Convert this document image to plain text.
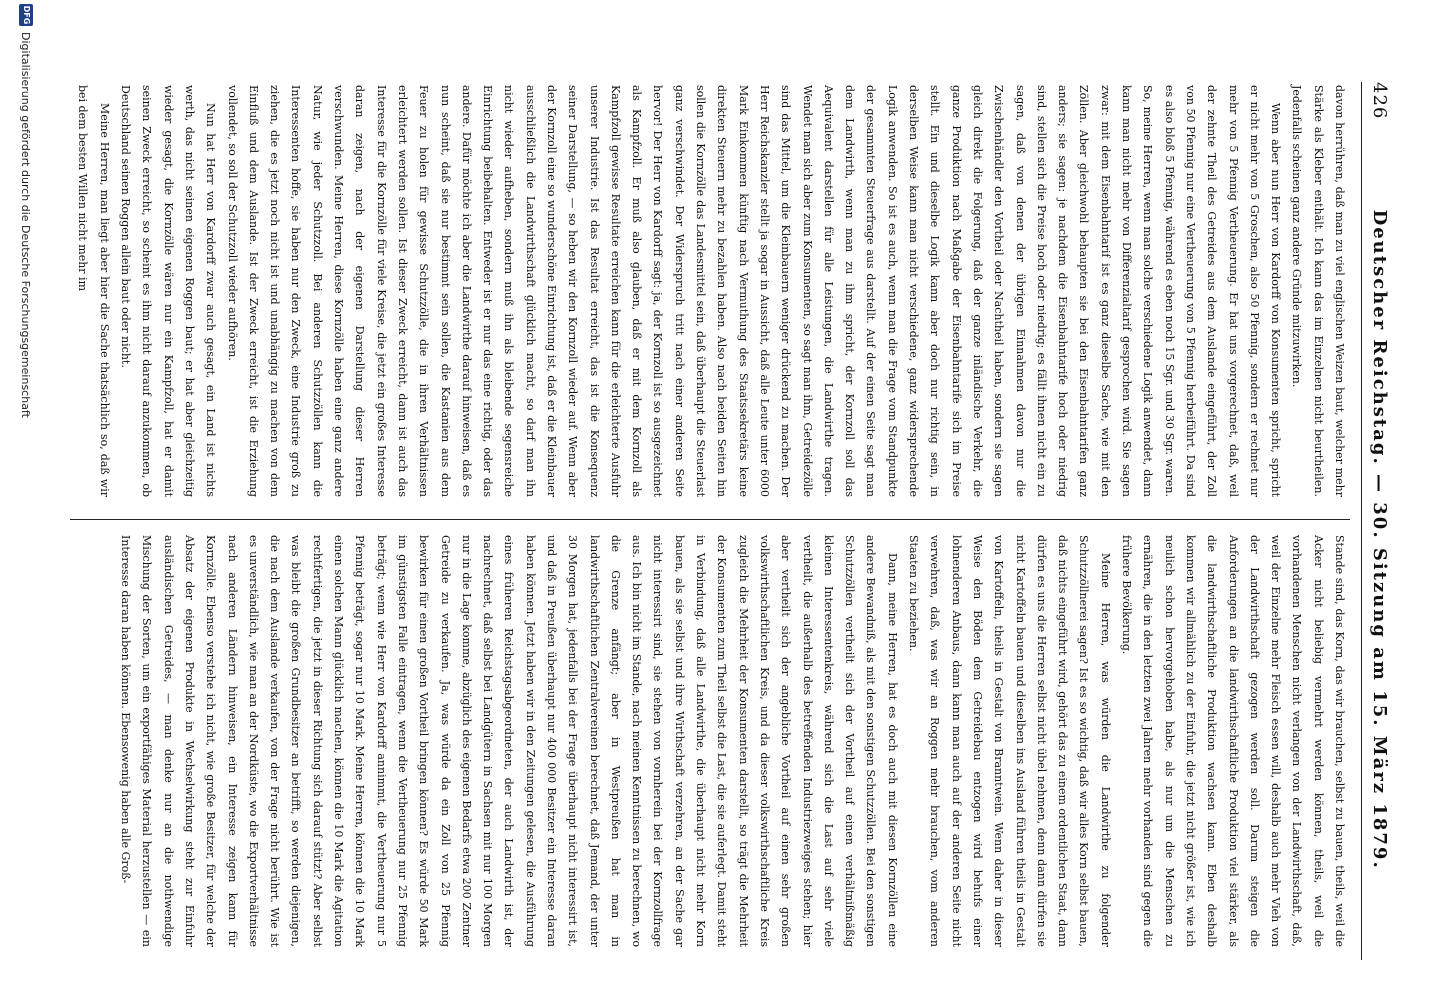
426
Deutscher Reichstag. — 30. Sitzung am 15. März 1879.

davon herrühren, daß man zu viel englischen Weizen baut, welcher mehr Stärke als Kleber enthält. Ich kann das im Einzelnen nicht beurtheilen. Jedenfalls scheinen ganz andere Gründe mitzuwirken.

Wenn aber nun Herr von Kardorff von Konsumenten spricht, spricht er nicht mehr von 5 Groschen, also 50 Pfennig, sondern er rechnet nur mehr von 5 Pfennig Vertheuerung. Er hat uns vorgerechnet, daß, weil der zehnte Theil des Getreides aus dem Auslande eingeführt, der Zoll von 50 Pfennig nur eine Vertheuerung von 5 Pfennig herbeiführt. Da sind es also bloß 5 Pfennig, während es eben noch 15 Sgr. und 30 Sgr. waren. So, meine Herren, wenn man solche verschiedene Logik anwendet, dann kann man nicht mehr von Differenzialtarif gesprochen wird. Sie sagen zwar: mit dem Eisenbahntarif ist es ganz dieselbe Sache, wie mit den Zöllen. Aber gleichwohl behaupten sie bei den Eisenbahntarifen ganz anders; sie sagen: je nachdem die Eisenbahntarife hoch oder niedrig sind, stellen sich die Preise hoch oder niedrig; es fällt ihnen nicht ein zu sagen, daß von denen der übrigen Einnahmen davon nur die Zwischenhändler den Vortheil oder Nachtheil haben, sondern sie sagen gleich direkt die Folgerung, daß der ganze inländische Verkehr, die ganze Produktion nach Maßgabe der Eisenbahntarife sich im Preise stellt. Ein und dieselbe Logik kann aber doch nur richtig sein, in derselben Weise kann man nicht verschiedene, ganz widersprechende Logik anwenden. So ist es auch, wenn man die Frage vom Standpunkte der gesammten Steuerfrage aus darstellt. Auf der einen Seite sagt man dem Landwirth, wenn man zu ihm spricht, der Kornzoll soll das Aequivalent darstellen für alle Leistungen, die Landwirthe tragen. Wendet man sich aber zum Konsumenten, so sagt man ihm, Getreidezölle sind das Mittel, um die Kleinbauern weniger drückend zu machen. Der Herr Reichskanzler stellt ja sogar in Aussicht, daß alle Leute unter 6000 Mark Einkommen künftig nach Vermuthung des Staatssekretärs keine direkten Steuern mehr zu bezahlen haben. Also nach beiden Seiten hin sollen die Kornzölle das Landesmittel sein, daß überhaupt die Steuerlast ganz verschwindet. Der Widerspruch tritt nach einer anderen Seite hervor! Der Herr von Kardorff sagt: ja, der Kornzoll ist so ausgezeichnet als Kampfzoll. Er muß also glauben, daß er mit dem Kornzoll als Kampfzoll gewisse Resultate erreichen kann für die erleichterte Ausfuhr unserer Industrie. Ist das Resultat erreicht, das ist die Konsequenz seiner Darstellung, — so heben wir den Kornzoll wieder auf. Wenn aber der Kornzoll eine so wunderschöne Einrichtung ist, daß er die Kleinbauer ausschließlich die Landwirthschaft glücklich macht, so darf man ihn nicht wieder aufheben, sondern muß ihn als bleibende segensreiche Einrichtung beibehalten. Entweder ist er nur das eine richtig, oder das andere. Dafür möchte ich aber die Landwirthe darauf hinweisen, daß es nun scheint, daß sie nur bestimmt sein sollen, die Kastanien aus dem Feuer zu holen für gewisse Schutzzölle, die in ihren Verhältnissen erleichtert werden sollen. Ist dieser Zweck erreicht, dann ist auch das Interesse für die Kornzölle für viele Kreise, die jetzt ein großes Interesse daran zeigen, nach der eigenen Darstellung dieser Herren verschwunden. Meine Herren, diese Kornzölle haben eine ganz andere Natur, wie jeder Schutzzoll. Bei anderen Schutzzöllen kann die Interessenten hoffe, sie haben nur den Zweck, eine Industrie groß zu ziehen, die es jetzt noch nicht ist und unabhängig zu machen von dem Einfluß und dem Auslande. Ist der Zweck erreicht, ist die Erziehung vollendet, so soll der Schutzzoll wieder aufhören.

Nun hat Herr von Kardorff zwar auch gesagt, ein Land ist nichts werth, das nicht seinen eigenen Roggen baut; er hat aber gleichzeitig wieder gesagt, die Kornzölle wären nur ein Kampfzoll, hat er damit seinen Zweck erreicht, so scheint es ihm nicht darauf anzukommen, ob Deutschland seinen Roggen allein baut oder nicht.

Meine Herren, man liegt aber hier die Sache thatsächlich so, daß wir bei dem besten Willen nicht mehr im

Stande sind, das Korn, das wir brauchen, selbst zu bauen, theils, weil die Acker nicht beliebig vermehrt werden können, theils, weil die vorhandenen Menschen nicht verlangen von der Landwirthschaft, daß, weil der Einzelne mehr Fleisch essen will, deshalb auch mehr Vieh von der Landwirthschaft gezogen werden soll. Darum steigen die Anforderungen an die landwirthschaftliche Produktion viel stärker, als die landwirthschaftliche Produktion wachsen kann. Eben deshalb kommen wir allmählich zu der Einfuhr, die jetzt nicht größer ist, wie ich neulich schon hervorgehoben habe, als nur um die Menschen zu ernähren, die in den letzten zwei Jahren mehr vorhanden sind gegen die frühere Bevölkerung.

Meine Herren, was würden die Landwirthe zu folgender Schutzzöllnerei sagen? Ist es so wichtig, daß wir alles Korn selbst bauen, daß nichts eingeführt wird, gehört das zu einem ordentlichen Staat, dann dürfen es uns die Herren selbst nicht übel nehmen, denn dann dürfen sie nicht Kartoffeln bauen und dieselben ins Ausland führen theils in Gestalt von Kartoffeln, theils in Gestalt von Branntwein. Wenn daher in dieser Weise den Böden dem Getreidebau entzogen wird behufs einer lohnenderen Anbaus, dann kann man auch auf der anderen Seite nicht verwehren, daß, was wir an Roggen mehr brauchen, vom anderen Staaten zu beziehen.

Dann, meine Herren, hat es doch auch mit diesen Kornzöllen eine andere Bewandniß, als mit den sonstigen Schutzzöllen. Bei den sonstigen Schutzzöllen vertheilt sich der Vortheil auf einen verhältnißmäßig kleinen Interessentenkreis, während sich die Last auf sehr viele vertheilt, die außerhalb des betreffenden Industriezweiges stehen; hier aber vertheilt sich der angebliche Vortheil auf einen sehr großen volkswirthschaftlichen Kreis, und da dieser volkswirthschaftliche Kreis zugleich die Mehrheit der Konsumenten darstellt, so trägt die Mehrheit der Konsumenten zum Theil selbst die Last, die sie auferlegt. Damit steht in Verbindung, daß alle Landwirthe, die überhaupt nicht mehr Korn bauen, als sie selbst und ihre Wirthschaft verzehren, an der Sache gar nicht interessirt sind, sie stehen von vornherein bei der Kornzollfrage aus. Ich bin nicht im Stande, nach meinen Kenntnissen zu berechnen, wo die Grenze anfängt; aber in Westpreußen hat man in landwirthschaftlichen Zentralvereinen berechnet, daß Jemand, der unter 30 Morgen hat, jedenfalls bei der Frage überhaupt nicht interessirt ist, und daß in Preußen überhaupt nur 400 000 Besitzer ein Interesse daran haben können. Jetzt haben wir in den Zeitungen gelesen, die Ausführung eines früheren Reichstagsabgeordneten, der auch Landwirth ist, der nachrechnet, daß selbst bei Landgütern in Sachsen mit nur 100 Morgen nur in die Lage komme, abzüglich des eigenen Bedarfs etwa 200 Zentner Getreide zu verkaufen. Ja, was würde da ein Zoll von 25 Pfennig bewirken für einen großen Vortheil bringen können? Es würde 50 Mark im günstigsten Falle eintragen, wenn die Vertheuerung nur 25 Pfennig beträgt; wenn wie Herr von Kardorff annimmt, die Vertheuerung nur 5 Pfennig beträgt, sogar nur 10 Mark. Meine Herren, können die 10 Mark einen solchen Mann glücklich machen, können die 10 Mark die Agitation rechtfertigen, die jetzt in dieser Richtung sich darauf stützt? Aber selbst was bleibt die großen Grundbesitzer an betrifft, so werden diejenigen, die nach dem Auslande verkaufen, von der Frage nicht berührt. Wie ist es unverständlich, wie man an der Nordküste, wo die Exportverhältnisse nach anderen Ländern hinweisen, ein Interesse zeigen kann für Kornzölle. Ebenso verstehe ich nicht, wie große Besitzer, für welche der Absatz der eigenen Produkte in Wechselwirkung steht zur Einfuhr ausländischen Getreides, — man denke nur an die nothwendige Mischung der Sorten, um ein exportfähiges Material herzustellen — ein Interesse daran haben können. Ebensowenig haben alle Groß-

DFG
Digitalisierung gefördert durch die Deutsche Forschungsgemeinschaft
